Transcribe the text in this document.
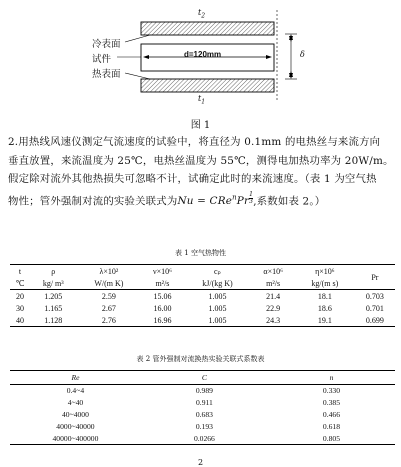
$t_2$
$t_1$
δ
冷表面
试件
热表面
d=120mm
图 1
2.用热线风速仪测定气流速度的试验中，将直径为 0.1mm 的电热丝与来流方向
垂直放置，来流温度为 25℃，电热丝温度为 55℃，测得电加热功率为 20W/m。
假定除对流外其他热损失可忽略不计，试确定此时的来流速度。（表 1 为空气热
物性；管外强制对流的实验关联式为Nu = CRe$^n$Pr $^{\frac{1}{3}}$ ,系数如表 2。）
表 1 空气热物性
t	ρ	λ×10²	ν×10⁶	cₚ	α×10⁶	η×10⁶	Pr
℃	kg/ m³	W/(m K)	m²/s	kJ/(kg K)	m²/s	kg/(m s)	
20	1.205	2.59	15.06	1.005	21.4	18.1	0.703
30	1.165	2.67	16.00	1.005	22.9	18.6	0.701
40	1.128	2.76	16.96	1.005	24.3	19.1	0.699
表 2 管外强制对流换热实验关联式系数表
Re	C	n
0.4~4	0.989	0.330
4~40	0.911	0.385
40~4000	0.683	0.466
4000~40000	0.193	0.618
40000~400000	0.0266	0.805
2
